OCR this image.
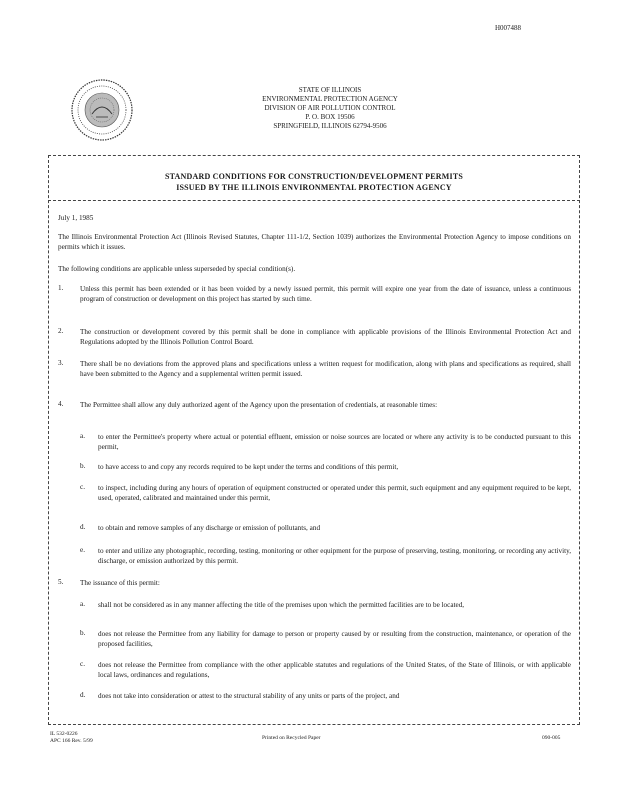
H007488
STATE OF ILLINOIS
ENVIRONMENTAL PROTECTION AGENCY
DIVISION OF AIR POLLUTION CONTROL
P. O. BOX 19506
SPRINGFIELD, ILLINOIS 62794-9506
STANDARD CONDITIONS FOR CONSTRUCTION/DEVELOPMENT PERMITS
ISSUED BY THE ILLINOIS ENVIRONMENTAL PROTECTION AGENCY
July 1, 1985
The Illinois Environmental Protection Act (Illinois Revised Statutes, Chapter 111-1/2, Section 1039) authorizes the Environmental Protection Agency to impose conditions on permits which it issues.
The following conditions are applicable unless superseded by special condition(s).
1. Unless this permit has been extended or it has been voided by a newly issued permit, this permit will expire one year from the date of issuance, unless a continuous program of construction or development on this project has started by such time.
2. The construction or development covered by this permit shall be done in compliance with applicable provisions of the Illinois Environmental Protection Act and Regulations adopted by the Illinois Pollution Control Board.
3. There shall be no deviations from the approved plans and specifications unless a written request for modification, along with plans and specifications as required, shall have been submitted to the Agency and a supplemental written permit issued.
4. The Permittee shall allow any duly authorized agent of the Agency upon the presentation of credentials, at reasonable times:
a. to enter the Permittee's property where actual or potential effluent, emission or noise sources are located or where any activity is to be conducted pursuant to this permit,
b. to have access to and copy any records required to be kept under the terms and conditions of this permit,
c. to inspect, including during any hours of operation of equipment constructed or operated under this permit, such equipment and any equipment required to be kept, used, operated, calibrated and maintained under this permit,
d. to obtain and remove samples of any discharge or emission of pollutants, and
e. to enter and utilize any photographic, recording, testing, monitoring or other equipment for the purpose of preserving, testing, monitoring, or recording any activity, discharge, or emission authorized by this permit.
5. The issuance of this permit:
a. shall not be considered as in any manner affecting the title of the premises upon which the permitted facilities are to be located,
b. does not release the Permittee from any liability for damage to person or property caused by or resulting from the construction, maintenance, or operation of the proposed facilities,
c. does not release the Permittee from compliance with the other applicable statutes and regulations of the United States, of the State of Illinois, or with applicable local laws, ordinances and regulations,
d. does not take into consideration or attest to the structural stability of any units or parts of the project, and
IL 532-0226
APC 166 Rev. 5/99	Printed on Recycled Paper	090-005
